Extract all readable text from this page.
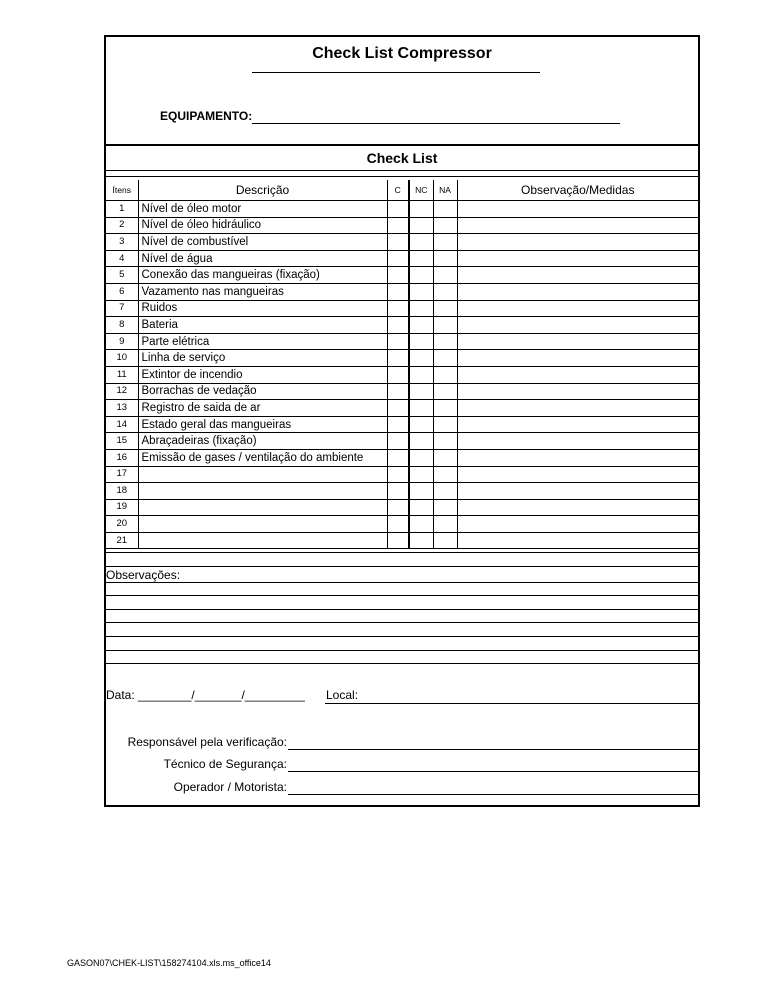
Check List Compressor
EQUIPAMENTO:
Check List
Ítens	Descrição	C	NC	NA	Observação/Medidas
1	Nível de óleo motor				
2	Nível de óleo hidráulico				
3	Nível de combustível				
4	Nível de água				
5	Conexão das mangueiras (fixação)				
6	Vazamento nas mangueiras				
7	Ruidos				
8	Bateria				
9	Parte elétrica				
10	Linha de serviço				
11	Extintor de incendio				
12	Borrachas de vedação				
13	Registro de saida de ar				
14	Estado geral das mangueiras				
15	Abraçadeiras (fixação)				
16	Emissão de gases / ventilação do ambiente				
17					
18					
19					
20					
21					
Observações:
Data: ________/_______/_________ Local:
Responsável pela verificação:
Técnico de Segurança:
Operador / Motorista:
GASON07\CHEK-LIST\158274104.xls.ms_office14
